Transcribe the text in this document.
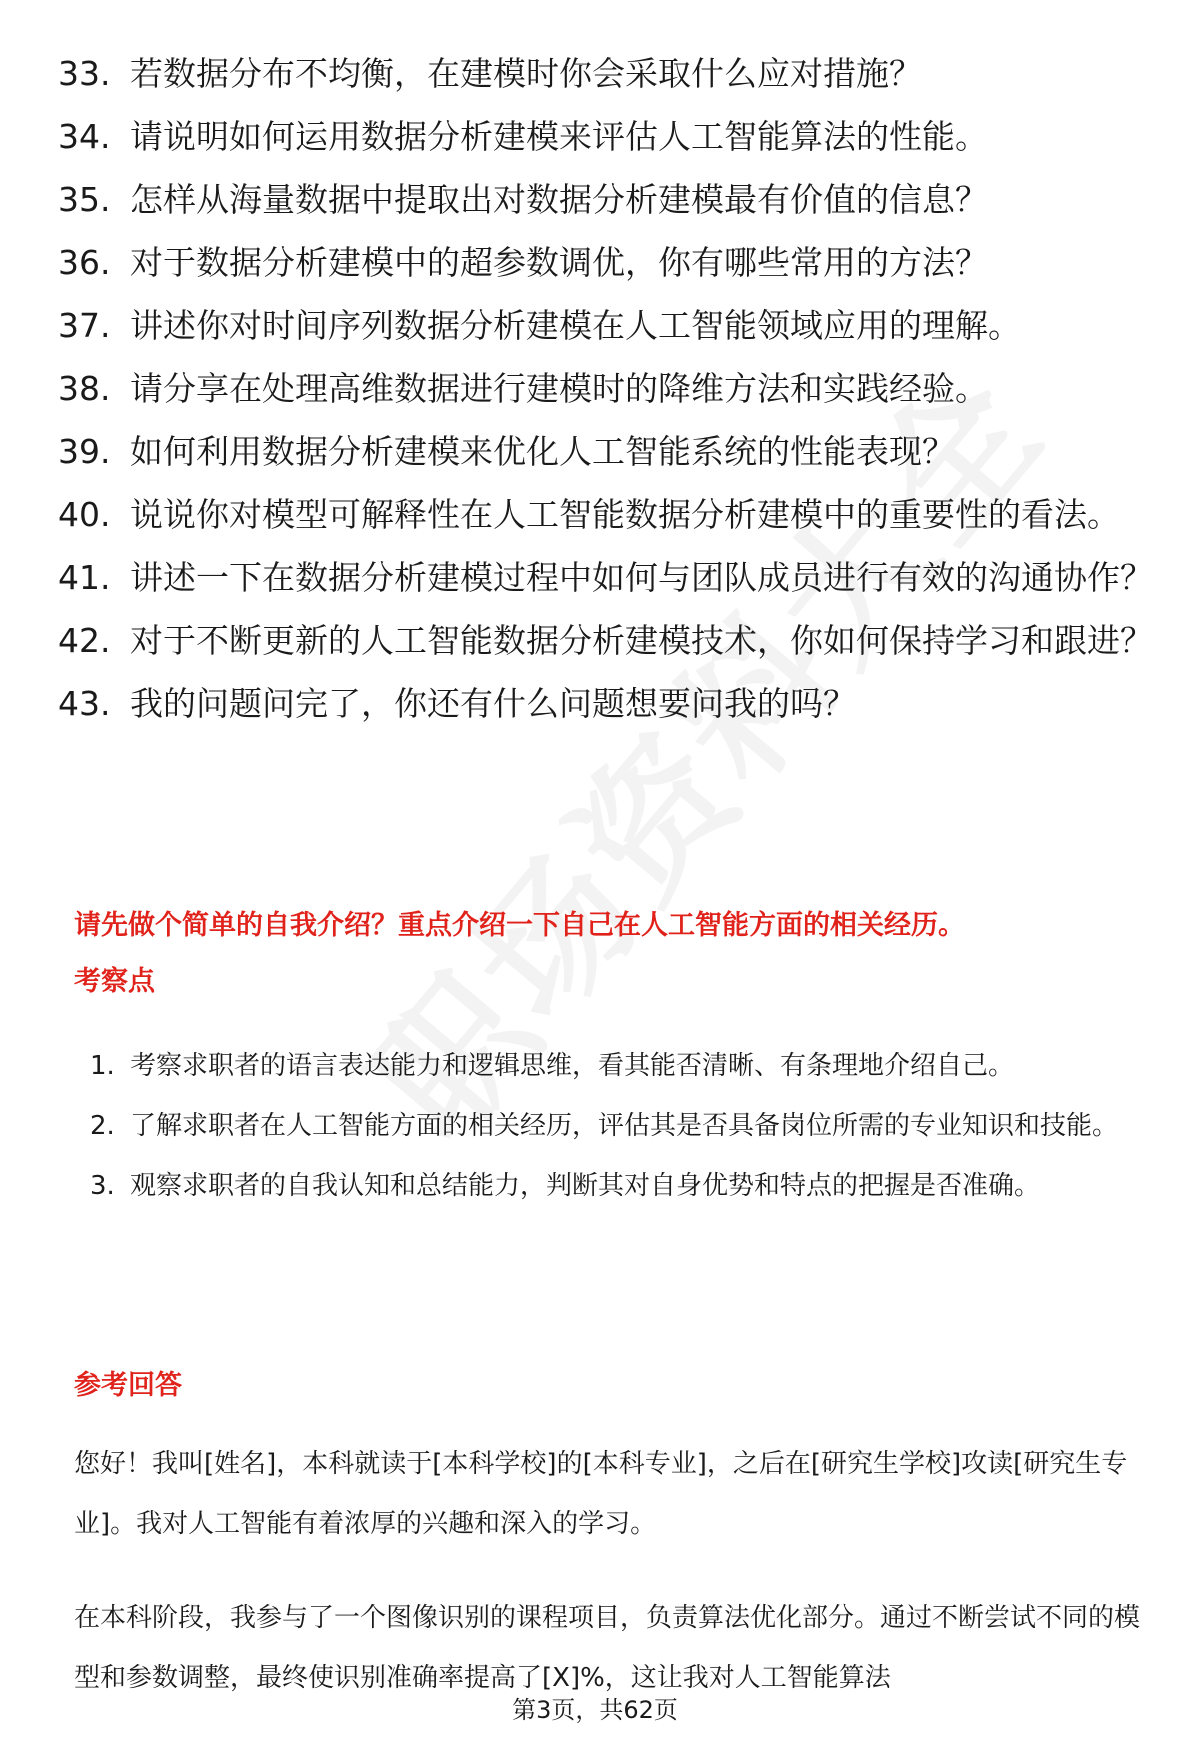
33. 若数据分布不均衡，在建模时你会采取什么应对措施？
34. 请说明如何运用数据分析建模来评估人工智能算法的性能。
35. 怎样从海量数据中提取出对数据分析建模最有价值的信息？
36. 对于数据分析建模中的超参数调优，你有哪些常用的方法？
37. 讲述你对时间序列数据分析建模在人工智能领域应用的理解。
38. 请分享在处理高维数据进行建模时的降维方法和实践经验。
39. 如何利用数据分析建模来优化人工智能系统的性能表现？
40. 说说你对模型可解释性在人工智能数据分析建模中的重要性的看法。
41. 讲述一下在数据分析建模过程中如何与团队成员进行有效的沟通协作？
42. 对于不断更新的人工智能数据分析建模技术，你如何保持学习和跟进？
43. 我的问题问完了，你还有什么问题想要问我的吗？
请先做个简单的自我介绍？重点介绍一下自己在人工智能方面的相关经历。
考察点
1. 考察求职者的语言表达能力和逻辑思维，看其能否清晰、有条理地介绍自己。
2. 了解求职者在人工智能方面的相关经历，评估其是否具备岗位所需的专业知识和技能。
3. 观察求职者的自我认知和总结能力，判断其对自身优势和特点的把握是否准确。
参考回答
您好！我叫[姓名]，本科就读于[本科学校]的[本科专业]，之后在[研究生学校]攻读[研究生专业]。我对人工智能有着浓厚的兴趣和深入的学习。
在本科阶段，我参与了一个图像识别的课程项目，负责算法优化部分。通过不断尝试不同的模型和参数调整，最终使识别准确率提高了[X]%，这让我对人工智能算法
第3页，共62页
